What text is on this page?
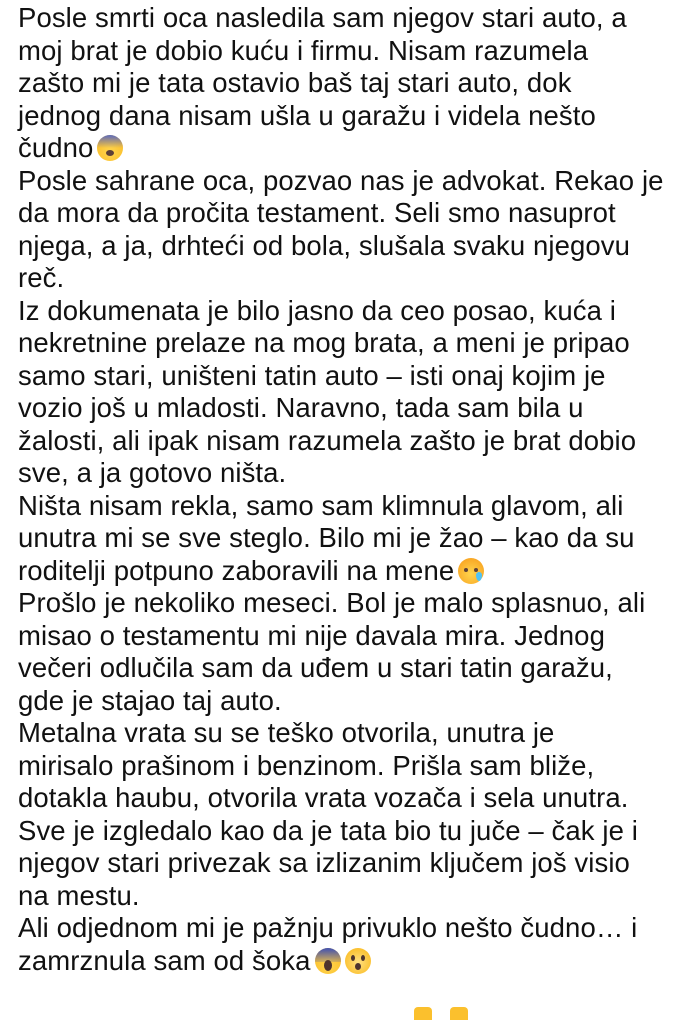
Posle smrti oca nasledila sam njegov stari auto, a
moj brat je dobio kuću i firmu. Nisam razumela
zašto mi je tata ostavio baš taj stari auto, dok
jednog dana nisam ušla u garažu i videla nešto
čudno
Posle sahrane oca, pozvao nas je advokat. Rekao je
da mora da pročita testament. Seli smo nasuprot
njega, a ja, drhteći od bola, slušala svaku njegovu
reč.
Iz dokumenata je bilo jasno da ceo posao, kuća i
nekretnine prelaze na mog brata, a meni je pripao
samo stari, uništeni tatin auto – isti onaj kojim je
vozio još u mladosti. Naravno, tada sam bila u
žalosti, ali ipak nisam razumela zašto je brat dobio
sve, a ja gotovo ništa.
Ništa nisam rekla, samo sam klimnula glavom, ali
unutra mi se sve steglo. Bilo mi je žao – kao da su
roditelji potpuno zaboravili na mene
Prošlo je nekoliko meseci. Bol je malo splasnuo, ali
misao o testamentu mi nije davala mira. Jednog
večeri odlučila sam da uđem u stari tatin garažu,
gde je stajao taj auto.
Metalna vrata su se teško otvorila, unutra je
mirisalo prašinom i benzinom. Prišla sam bliže,
dotakla haubu, otvorila vrata vozača i sela unutra.
Sve je izgledalo kao da je tata bio tu juče – čak je i
njegov stari privezak sa izlizanim ključem još visio
na mestu.
Ali odjednom mi je pažnju privuklo nešto čudno… i
zamrznula sam od šoka
